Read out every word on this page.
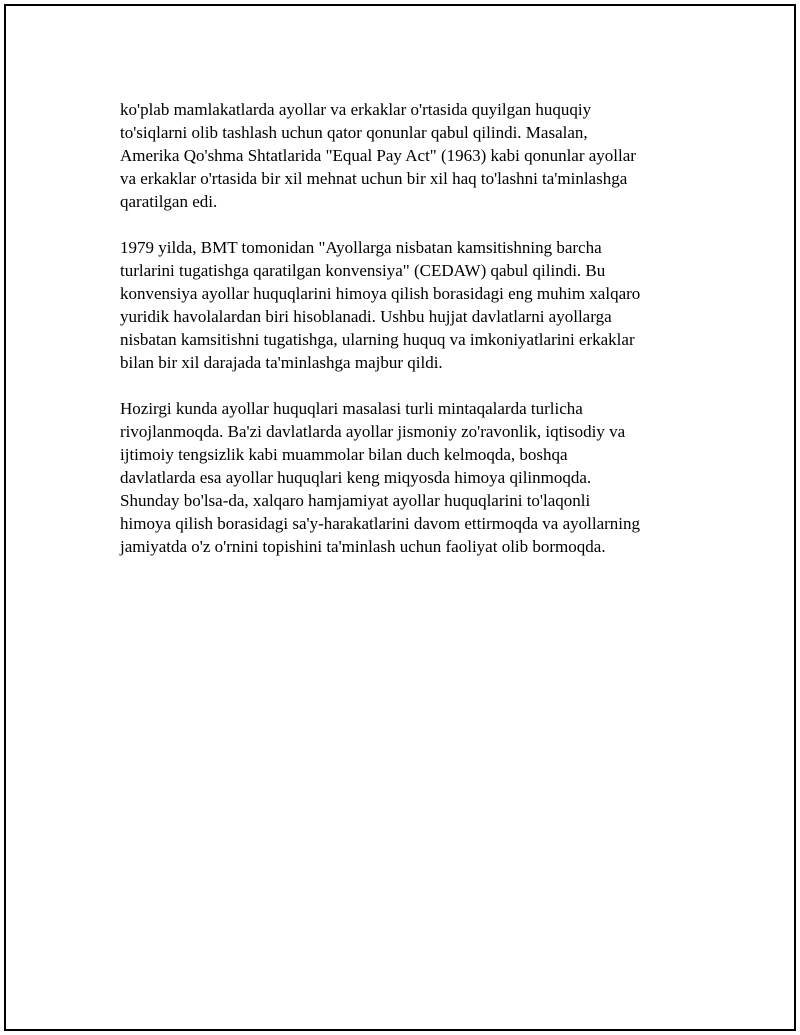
ko'plab mamlakatlarda ayollar va erkaklar o'rtasida quyilgan huquqiy
to'siqlarni olib tashlash uchun qator qonunlar qabul qilindi. Masalan,
Amerika Qo'shma Shtatlarida "Equal Pay Act" (1963) kabi qonunlar ayollar
va erkaklar o'rtasida bir xil mehnat uchun bir xil haq to'lashni ta'minlashga
qaratilgan edi.

1979 yilda, BMT tomonidan "Ayollarga nisbatan kamsitishning barcha
turlarini tugatishga qaratilgan konvensiya" (CEDAW) qabul qilindi. Bu
konvensiya ayollar huquqlarini himoya qilish borasidagi eng muhim xalqaro
yuridik havolalardan biri hisoblanadi. Ushbu hujjat davlatlarni ayollarga
nisbatan kamsitishni tugatishga, ularning huquq va imkoniyatlarini erkaklar
bilan bir xil darajada ta'minlashga majbur qildi.

Hozirgi kunda ayollar huquqlari masalasi turli mintaqalarda turlicha
rivojlanmoqda. Ba'zi davlatlarda ayollar jismoniy zo'ravonlik, iqtisodiy va
ijtimoiy tengsizlik kabi muammolar bilan duch kelmoqda, boshqa
davlatlarda esa ayollar huquqlari keng miqyosda himoya qilinmoqda.
Shunday bo'lsa-da, xalqaro hamjamiyat ayollar huquqlarini to'laqonli
himoya qilish borasidagi sa'y-harakatlarini davom ettirmoqda va ayollarning
jamiyatda o'z o'rnini topishini ta'minlash uchun faoliyat olib bormoqda.
